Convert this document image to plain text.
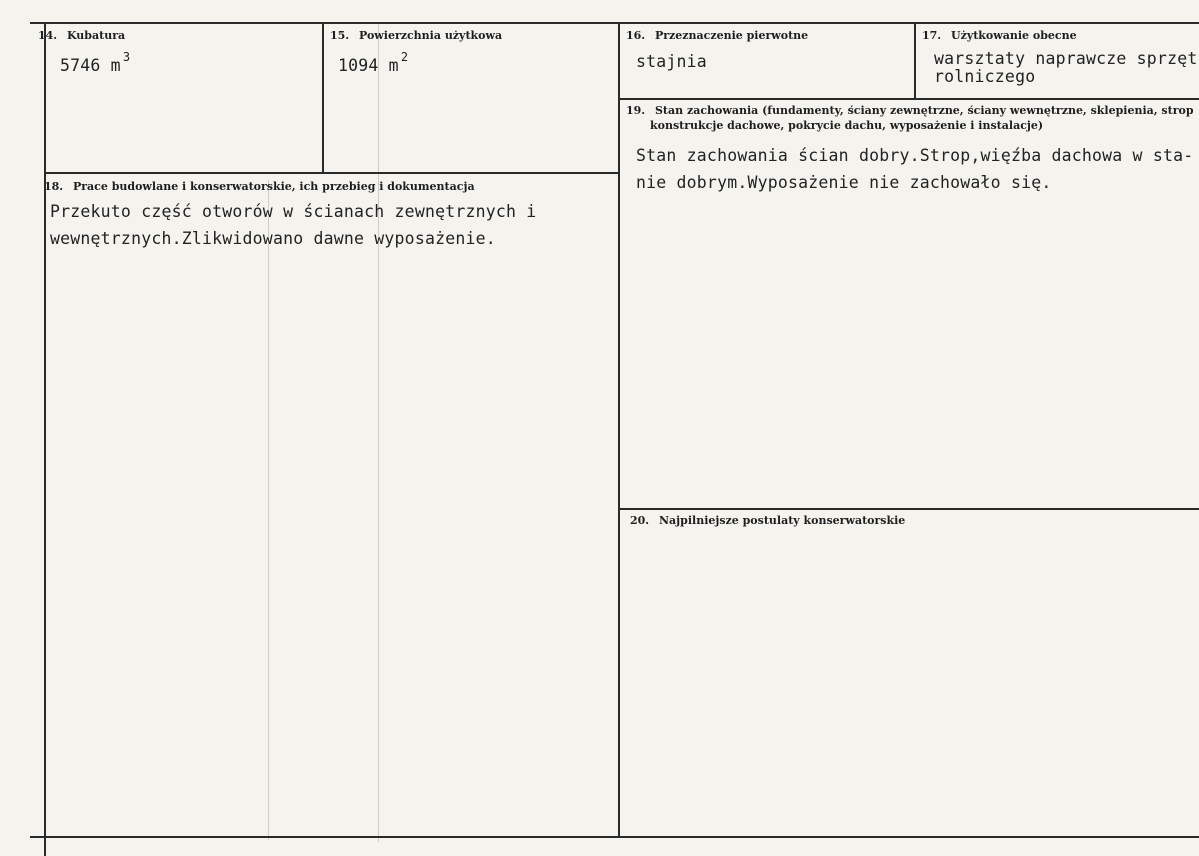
14. Kubatura
5746 m $^3$
15. Powierzchnia użytkowa
1094 m $^2$
16. Przeznaczenie pierwotne
stajnia
17. Użytkowanie obecne
warsztaty naprawcze sprzęt
rolniczego
19. Stan zachowania (fundamenty, ściany zewnętrzne, ściany wewnętrzne, sklepienia, strop
konstrukcje dachowe, pokrycie dachu, wyposażenie i instalacje)
Stan zachowania ścian dobry.Strop,więźba dachowa w sta-
nie dobrym.Wyposażenie nie zachowało się.
18. Prace budowlane i konserwatorskie, ich przebieg i dokumentacja
Przekuto część otworów w ścianach zewnętrznych i
wewnętrznych.Zlikwidowano dawne wyposażenie.
20. Najpilniejsze postulaty konserwatorskie
